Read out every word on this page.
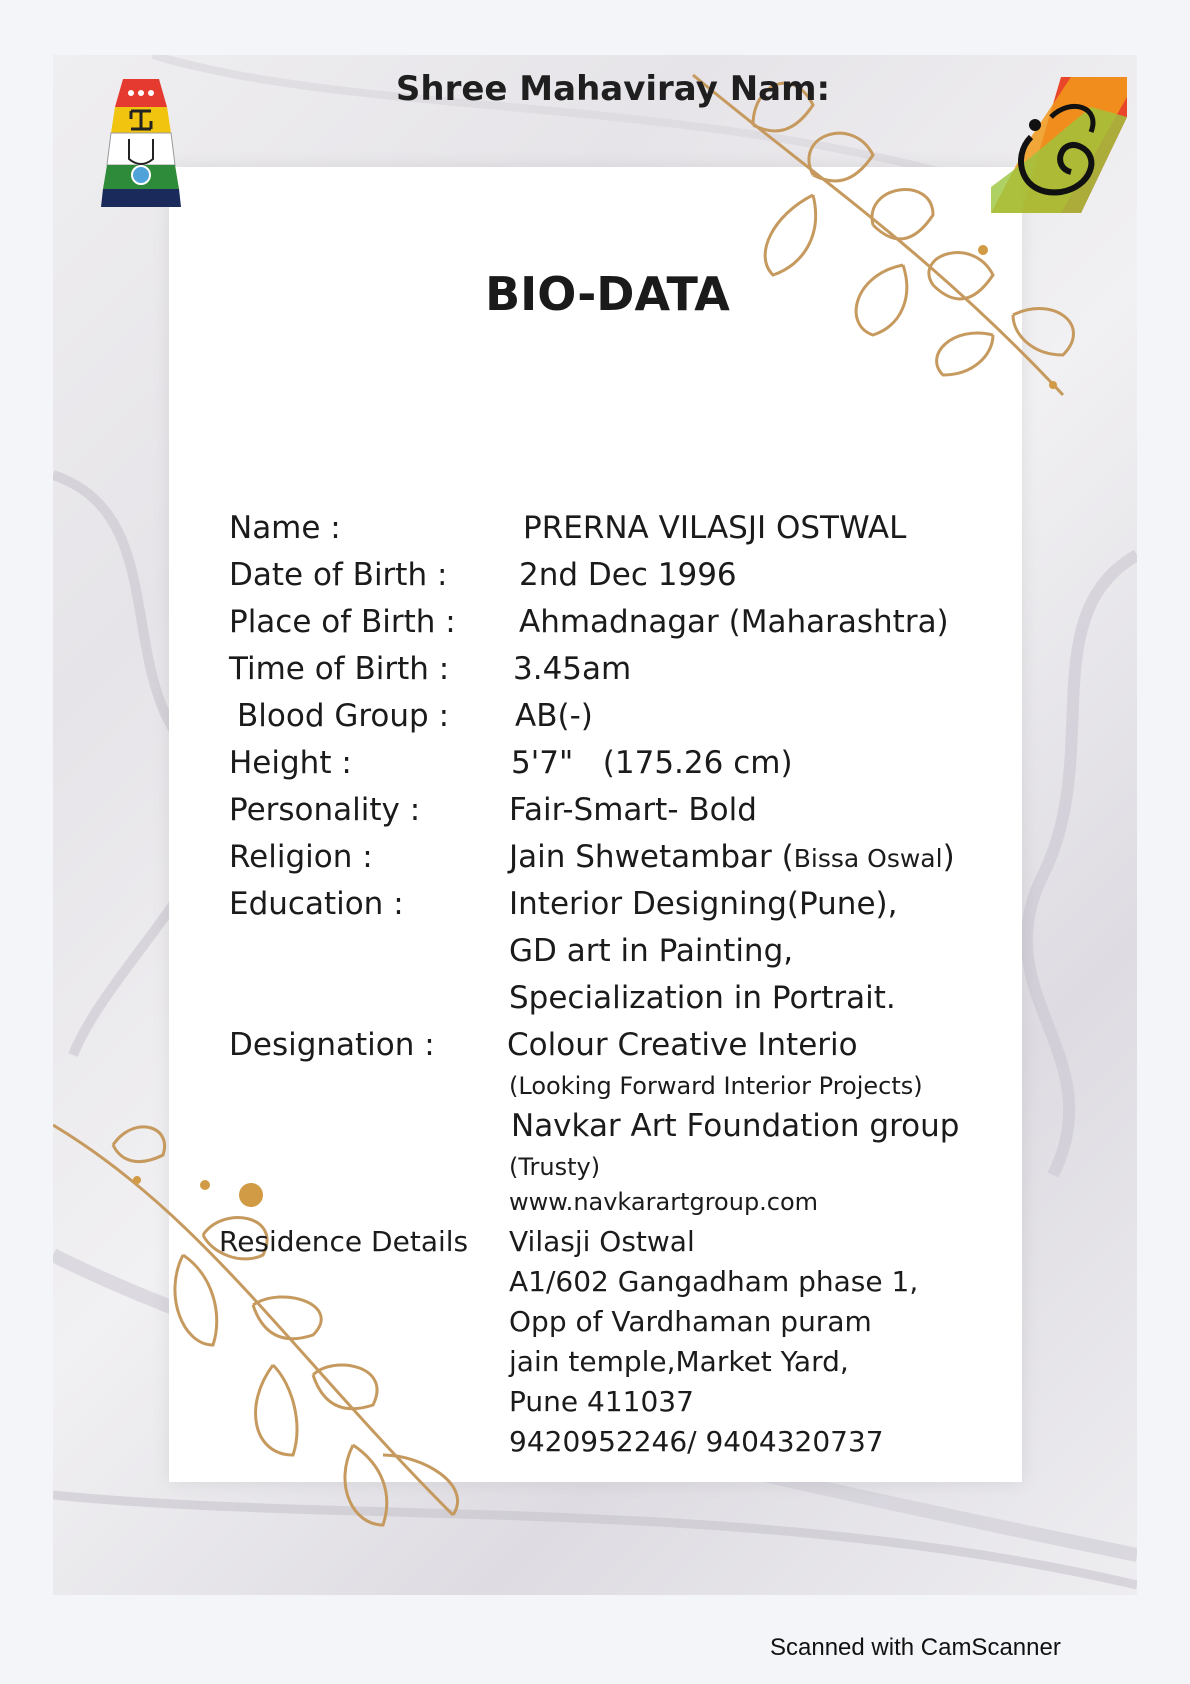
Shree Mahaviray Nam:
BIO-DATA
Name :	PRERNA VILASJI OSTWAL
Date of Birth : 2nd Dec 1996
Place of Birth : Ahmadnagar (Maharashtra)
Time of Birth : 3.45am
Blood Group : AB(-)
Height :	5'7"   (175.26 cm)
Personality :	Fair-Smart- Bold
Religion :	Jain Shwetambar (Bissa Oswal)
Education :	Interior Designing(Pune),
GD art in Painting,
Specialization in Portrait.
Designation : Colour Creative Interio
(Looking Forward Interior Projects)
Navkar Art Foundation group
(Trusty)
www.navkarartgroup.com
Residence Details Vilasji Ostwal
A1/602 Gangadham phase 1,
Opp of Vardhaman puram
jain temple,Market Yard,
Pune 411037
9420952246/ 9404320737
Scanned with CamScanner
